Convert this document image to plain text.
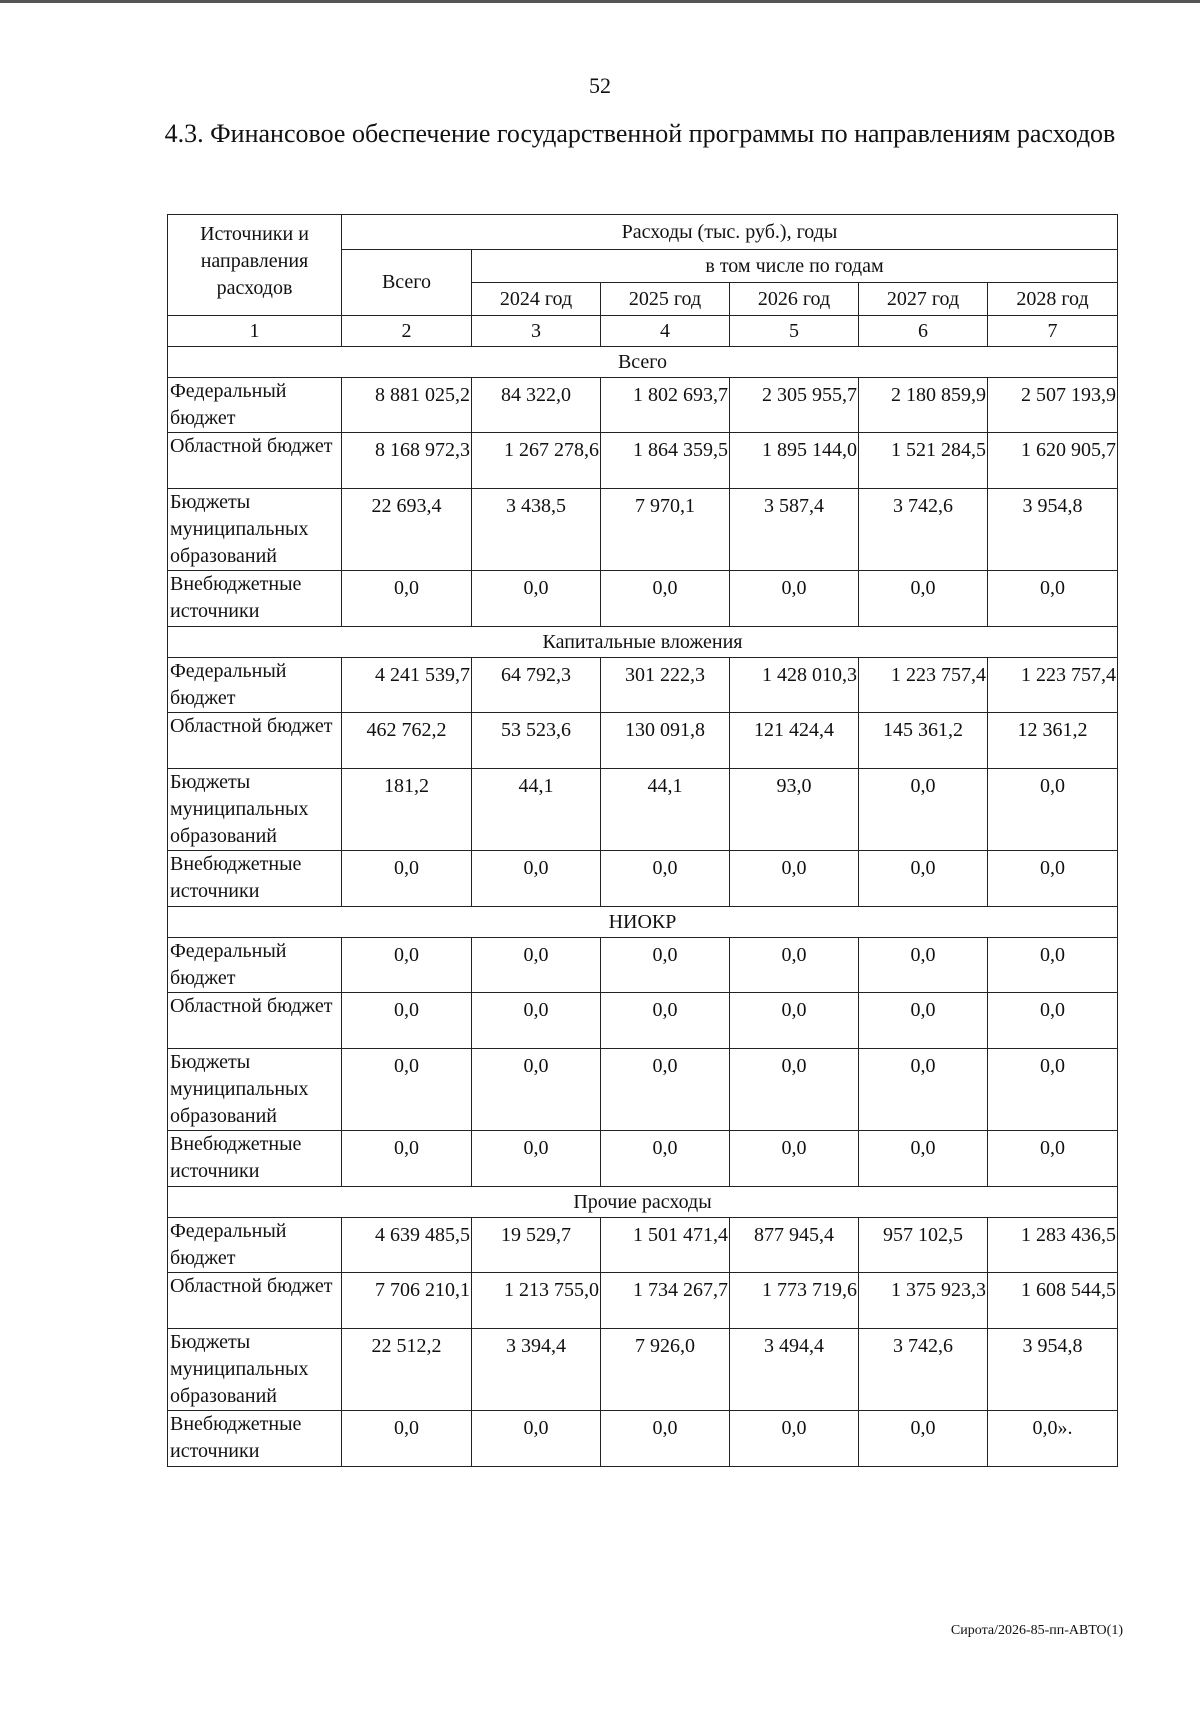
52
4.3. Финансовое обеспечение государственной программы по направлениям расходов
Источники и направления расходов	Расходы (тыс. руб.), годы					
	Всего	в том числе по годам				
		2024 год	2025 год	2026 год	2027 год	2028 год
1	2	3	4	5	6	7
Всего						
Федеральный бюджет	8 881 025,2	84 322,0	1 802 693,7	2 305 955,7	2 180 859,9	2 507 193,9
Областной бюджет	8 168 972,3	1 267 278,6	1 864 359,5	1 895 144,0	1 521 284,5	1 620 905,7
Бюджеты муниципальных образований	22 693,4	3 438,5	7 970,1	3 587,4	3 742,6	3 954,8
Внебюджетные источники	0,0	0,0	0,0	0,0	0,0	0,0
Капитальные вложения						
Федеральный бюджет	4 241 539,7	64 792,3	301 222,3	1 428 010,3	1 223 757,4	1 223 757,4
Областной бюджет	462 762,2	53 523,6	130 091,8	121 424,4	145 361,2	12 361,2
Бюджеты муниципальных образований	181,2	44,1	44,1	93,0	0,0	0,0
Внебюджетные источники	0,0	0,0	0,0	0,0	0,0	0,0
НИОКР						
Федеральный бюджет	0,0	0,0	0,0	0,0	0,0	0,0
Областной бюджет	0,0	0,0	0,0	0,0	0,0	0,0
Бюджеты муниципальных образований	0,0	0,0	0,0	0,0	0,0	0,0
Внебюджетные источники	0,0	0,0	0,0	0,0	0,0	0,0
Прочие расходы						
Федеральный бюджет	4 639 485,5	19 529,7	1 501 471,4	877 945,4	957 102,5	1 283 436,5
Областной бюджет	7 706 210,1	1 213 755,0	1 734 267,7	1 773 719,6	1 375 923,3	1 608 544,5
Бюджеты муниципальных образований	22 512,2	3 394,4	7 926,0	3 494,4	3 742,6	3 954,8
Внебюджетные источники	0,0	0,0	0,0	0,0	0,0	0,0».
Сирота/2026-85-пп-АВТО(1)
